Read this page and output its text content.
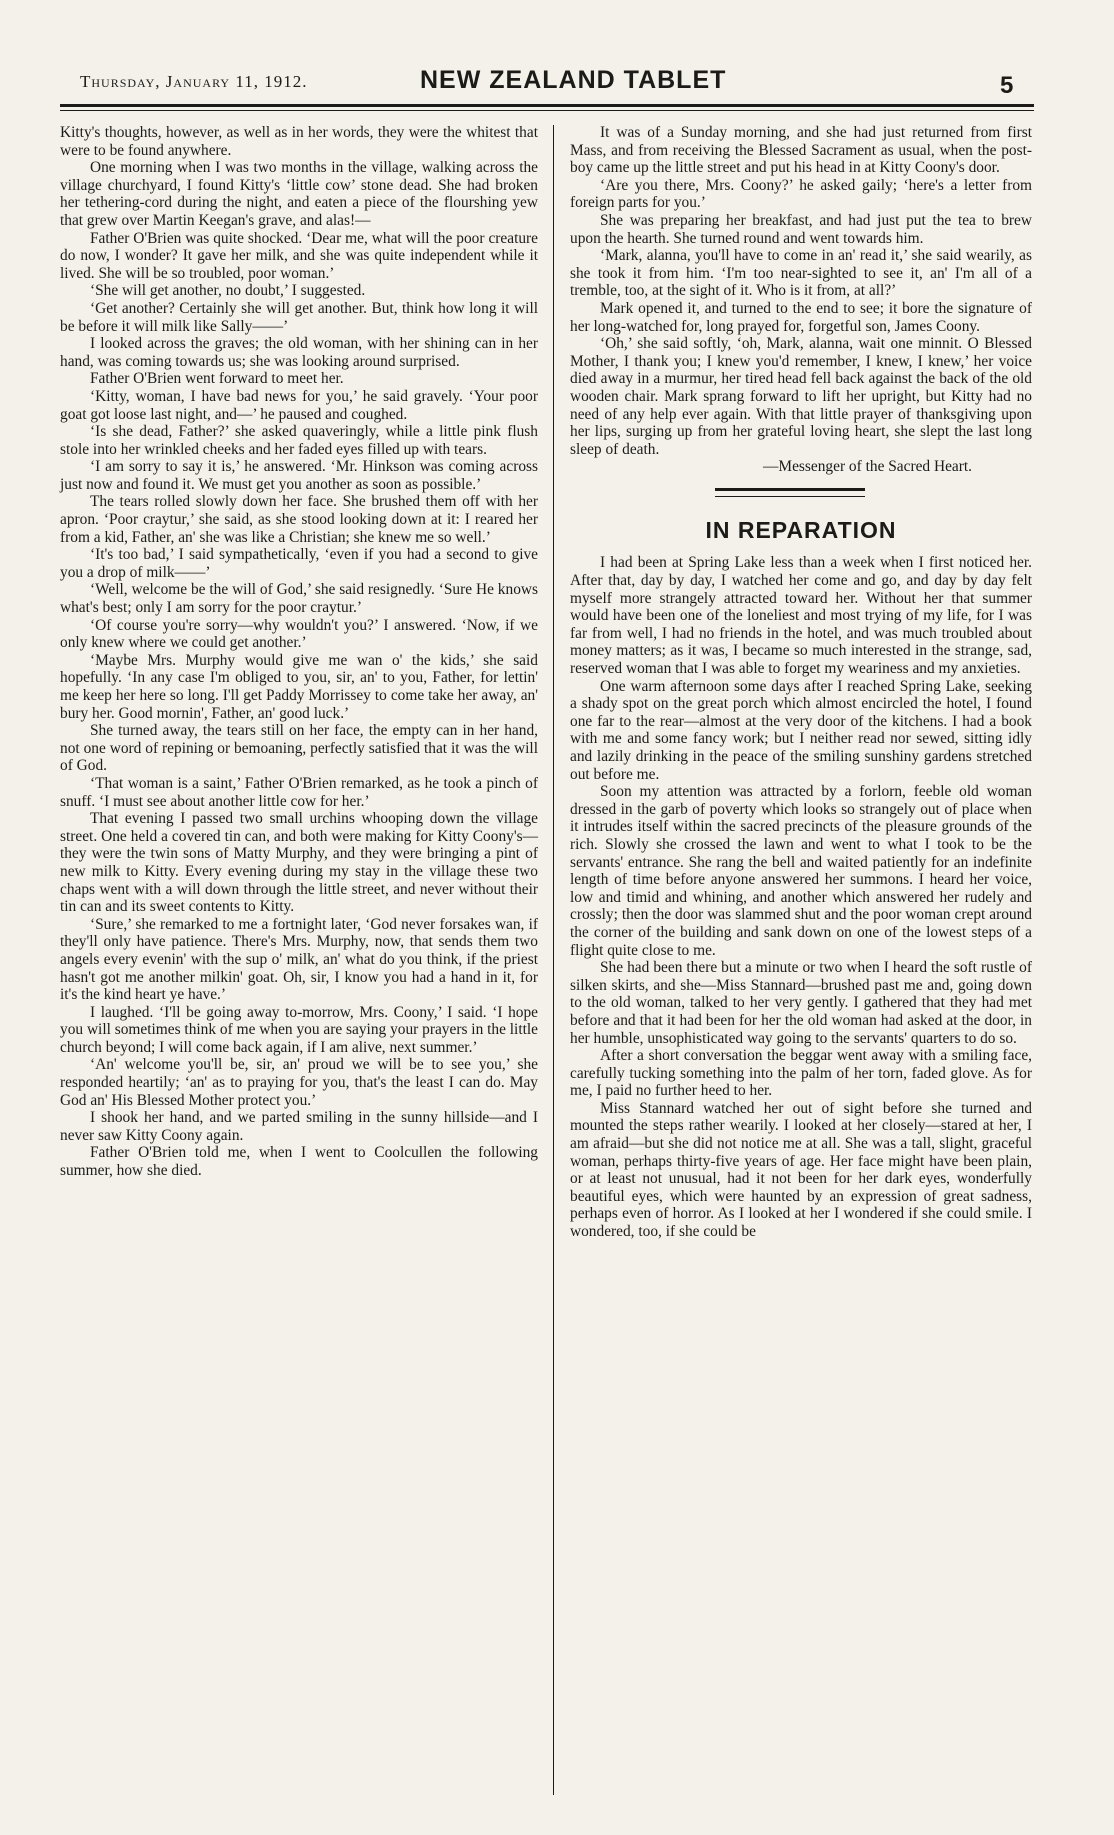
Thursday, January 11, 1912.	NEW ZEALAND TABLET	5

Kitty's thoughts, however, as well as in her words, they were the whitest that were to be found anywhere.

One morning when I was two months in the village, walking across the village churchyard, I found Kitty's ‘little cow’ stone dead. She had broken her tethering-cord during the night, and eaten a piece of the flourshing yew that grew over Martin Keegan's grave, and alas!—

Father O'Brien was quite shocked. ‘Dear me, what will the poor creature do now, I wonder? It gave her milk, and she was quite independent while it lived. She will be so troubled, poor woman.’

‘She will get another, no doubt,’ I suggested.

‘Get another? Certainly she will get another. But, think how long it will be before it will milk like Sally——’

I looked across the graves; the old woman, with her shining can in her hand, was coming towards us; she was looking around surprised.

Father O'Brien went forward to meet her.

‘Kitty, woman, I have bad news for you,’ he said gravely. ‘Your poor goat got loose last night, and—’ he paused and coughed.

‘Is she dead, Father?’ she asked quaveringly, while a little pink flush stole into her wrinkled cheeks and her faded eyes filled up with tears.

‘I am sorry to say it is,’ he answered. ‘Mr. Hinkson was coming across just now and found it. We must get you another as soon as possible.’

The tears rolled slowly down her face. She brushed them off with her apron. ‘Poor craytur,’ she said, as she stood looking down at it: I reared her from a kid, Father, an' she was like a Christian; she knew me so well.’

‘It's too bad,’ I said sympathetically, ‘even if you had a second to give you a drop of milk——’

‘Well, welcome be the will of God,’ she said resignedly. ‘Sure He knows what's best; only I am sorry for the poor craytur.’

‘Of course you're sorry—why wouldn't you?’ I answered. ‘Now, if we only knew where we could get another.’

‘Maybe Mrs. Murphy would give me wan o' the kids,’ she said hopefully. ‘In any case I'm obliged to you, sir, an' to you, Father, for lettin' me keep her here so long. I'll get Paddy Morrissey to come take her away, an' bury her. Good mornin', Father, an' good luck.’

She turned away, the tears still on her face, the empty can in her hand, not one word of repining or bemoaning, perfectly satisfied that it was the will of God.

‘That woman is a saint,’ Father O'Brien remarked, as he took a pinch of snuff. ‘I must see about another little cow for her.’

That evening I passed two small urchins whooping down the village street. One held a covered tin can, and both were making for Kitty Coony's—they were the twin sons of Matty Murphy, and they were bringing a pint of new milk to Kitty. Every evening during my stay in the village these two chaps went with a will down through the little street, and never without their tin can and its sweet contents to Kitty.

‘Sure,’ she remarked to me a fortnight later, ‘God never forsakes wan, if they'll only have patience. There's Mrs. Murphy, now, that sends them two angels every evenin' with the sup o' milk, an' what do you think, if the priest hasn't got me another milkin' goat. Oh, sir, I know you had a hand in it, for it's the kind heart ye have.’

I laughed. ‘I'll be going away to-morrow, Mrs. Coony,’ I said. ‘I hope you will sometimes think of me when you are saying your prayers in the little church beyond; I will come back again, if I am alive, next summer.’

‘An' welcome you'll be, sir, an' proud we will be to see you,’ she responded heartily; ‘an' as to praying for you, that's the least I can do. May God an' His Blessed Mother protect you.’

I shook her hand, and we parted smiling in the sunny hillside—and I never saw Kitty Coony again.

Father O'Brien told me, when I went to Coolcullen the following summer, how she died.

It was of a Sunday morning, and she had just returned from first Mass, and from receiving the Blessed Sacrament as usual, when the post-boy came up the little street and put his head in at Kitty Coony's door.

‘Are you there, Mrs. Coony?’ he asked gaily; ‘here's a letter from foreign parts for you.’

She was preparing her breakfast, and had just put the tea to brew upon the hearth. She turned round and went towards him.

‘Mark, alanna, you'll have to come in an' read it,’ she said wearily, as she took it from him. ‘I'm too near-sighted to see it, an' I'm all of a tremble, too, at the sight of it. Who is it from, at all?’

Mark opened it, and turned to the end to see; it bore the signature of her long-watched for, long prayed for, forgetful son, James Coony.

‘Oh,’ she said softly, ‘oh, Mark, alanna, wait one minnit. O Blessed Mother, I thank you; I knew you'd remember, I knew, I knew,’ her voice died away in a murmur, her tired head fell back against the back of the old wooden chair. Mark sprang forward to lift her upright, but Kitty had no need of any help ever again. With that little prayer of thanksgiving upon her lips, surging up from her grateful loving heart, she slept the last long sleep of death.

—Messenger of the Sacred Heart.

IN REPARATION

I had been at Spring Lake less than a week when I first noticed her. After that, day by day, I watched her come and go, and day by day felt myself more strangely attracted toward her. Without her that summer would have been one of the loneliest and most trying of my life, for I was far from well, I had no friends in the hotel, and was much troubled about money matters; as it was, I became so much interested in the strange, sad, reserved woman that I was able to forget my weariness and my anxieties.

One warm afternoon some days after I reached Spring Lake, seeking a shady spot on the great porch which almost encircled the hotel, I found one far to the rear—almost at the very door of the kitchens. I had a book with me and some fancy work; but I neither read nor sewed, sitting idly and lazily drinking in the peace of the smiling sunshiny gardens stretched out before me.

Soon my attention was attracted by a forlorn, feeble old woman dressed in the garb of poverty which looks so strangely out of place when it intrudes itself within the sacred precincts of the pleasure grounds of the rich. Slowly she crossed the lawn and went to what I took to be the servants' entrance. She rang the bell and waited patiently for an indefinite length of time before anyone answered her summons. I heard her voice, low and timid and whining, and another which answered her rudely and crossly; then the door was slammed shut and the poor woman crept around the corner of the building and sank down on one of the lowest steps of a flight quite close to me.

She had been there but a minute or two when I heard the soft rustle of silken skirts, and she—Miss Stannard—brushed past me and, going down to the old woman, talked to her very gently. I gathered that they had met before and that it had been for her the old woman had asked at the door, in her humble, unsophisticated way going to the servants' quarters to do so.

After a short conversation the beggar went away with a smiling face, carefully tucking something into the palm of her torn, faded glove. As for me, I paid no further heed to her.

Miss Stannard watched her out of sight before she turned and mounted the steps rather wearily. I looked at her closely—stared at her, I am afraid—but she did not notice me at all. She was a tall, slight, graceful woman, perhaps thirty-five years of age. Her face might have been plain, or at least not unusual, had it not been for her dark eyes, wonderfully beautiful eyes, which were haunted by an expression of great sadness, perhaps even of horror. As I looked at her I wondered if she could smile. I wondered, too, if she could be
